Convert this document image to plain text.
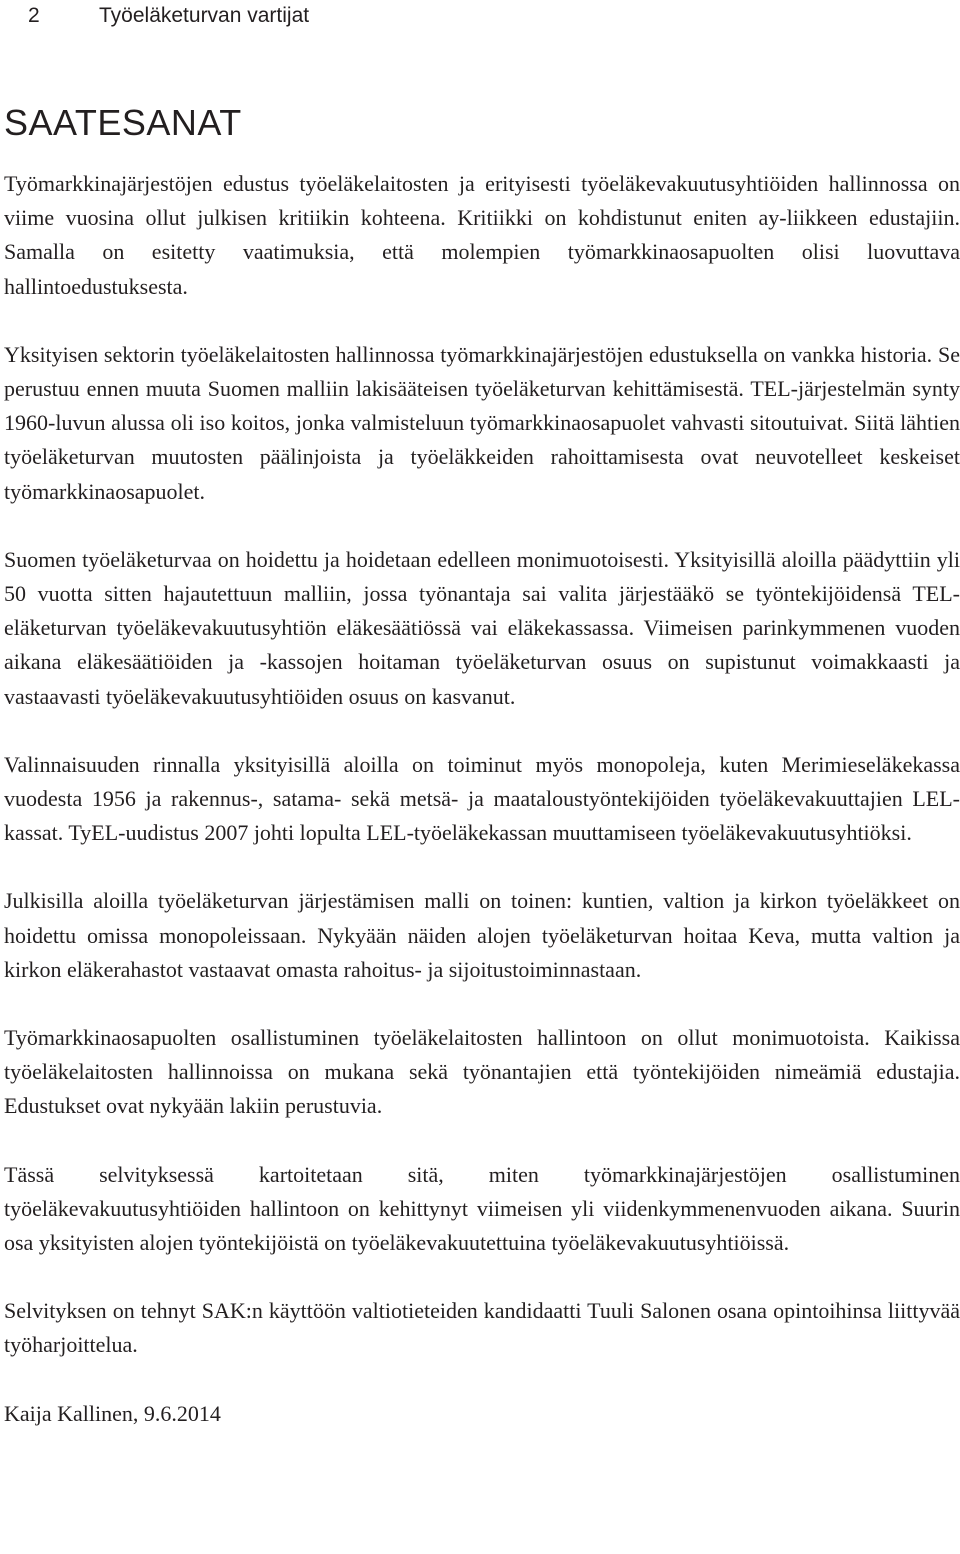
2	Työeläketurvan vartijat
SAATESANAT

Työmarkkinajärjestöjen edustus työeläkelaitosten ja erityisesti työeläkevakuutusyhtiöiden hallinnossa on viime vuosina ollut julkisen kritiikin kohteena. Kritiikki on kohdistunut eniten ay-liikkeen edustajiin. Samalla on esitetty vaatimuksia, että molempien työmarkkinaosapuolten olisi luovuttava hallintoedustuksesta.

Yksityisen sektorin työeläkelaitosten hallinnossa työmarkkinajärjestöjen edustuksella on vankka historia. Se perustuu ennen muuta Suomen malliin lakisääteisen työeläketurvan kehittämisestä. TEL-järjestelmän synty 1960-luvun alussa oli iso koitos, jonka valmisteluun työmarkkinaosapuolet vahvasti sitoutuivat. Siitä lähtien työeläketurvan muutosten päälinjoista ja työeläkkeiden rahoittamisesta ovat neuvotelleet keskeiset työmarkkinaosapuolet.

Suomen työeläketurvaa on hoidettu ja hoidetaan edelleen monimuotoisesti. Yksityisillä aloilla päädyttiin yli 50 vuotta sitten hajautettuun malliin, jossa työnantaja sai valita järjestääkö se työntekijöidensä TEL-eläketurvan työeläkevakuutusyhtiön eläkesäätiössä vai eläkekassassa. Viimeisen parinkymmenen vuoden aikana eläkesäätiöiden ja -kassojen hoitaman työeläketurvan osuus on supistunut voimakkaasti ja vastaavasti työeläkevakuutusyhtiöiden osuus on kasvanut.

Valinnaisuuden rinnalla yksityisillä aloilla on toiminut myös monopoleja, kuten Merimieseläkekassa vuodesta 1956 ja rakennus-, satama- sekä metsä- ja maataloustyöntekijöiden työeläkevakuuttajien LEL-kassat. TyEL-uudistus 2007 johti lopulta LEL-työeläkekassan muuttamiseen työeläkevakuutusyhtiöksi.

Julkisilla aloilla työeläketurvan järjestämisen malli on toinen: kuntien, valtion ja kirkon työeläkkeet on hoidettu omissa monopoleissaan. Nykyään näiden alojen työeläketurvan hoitaa Keva, mutta valtion ja kirkon eläkerahastot vastaavat omasta rahoitus- ja sijoitustoiminnastaan.

Työmarkkinaosapuolten osallistuminen työeläkelaitosten hallintoon on ollut monimuotoista. Kaikissa työeläkelaitosten hallinnoissa on mukana sekä työnantajien että työntekijöiden nimeämiä edustajia. Edustukset ovat nykyään lakiin perustuvia.

Tässä selvityksessä kartoitetaan sitä, miten työmarkkinajärjestöjen osallistuminen työeläkevakuutusyhtiöiden hallintoon on kehittynyt viimeisen yli viidenkymmenenvuoden aikana. Suurin osa yksityisten alojen työntekijöistä on työeläkevakuutettuina työeläkevakuutusyhtiöissä.

Selvityksen on tehnyt SAK:n käyttöön valtiotieteiden kandidaatti Tuuli Salonen osana opintoihinsa liittyvää työharjoittelua.

Kaija Kallinen, 9.6.2014
